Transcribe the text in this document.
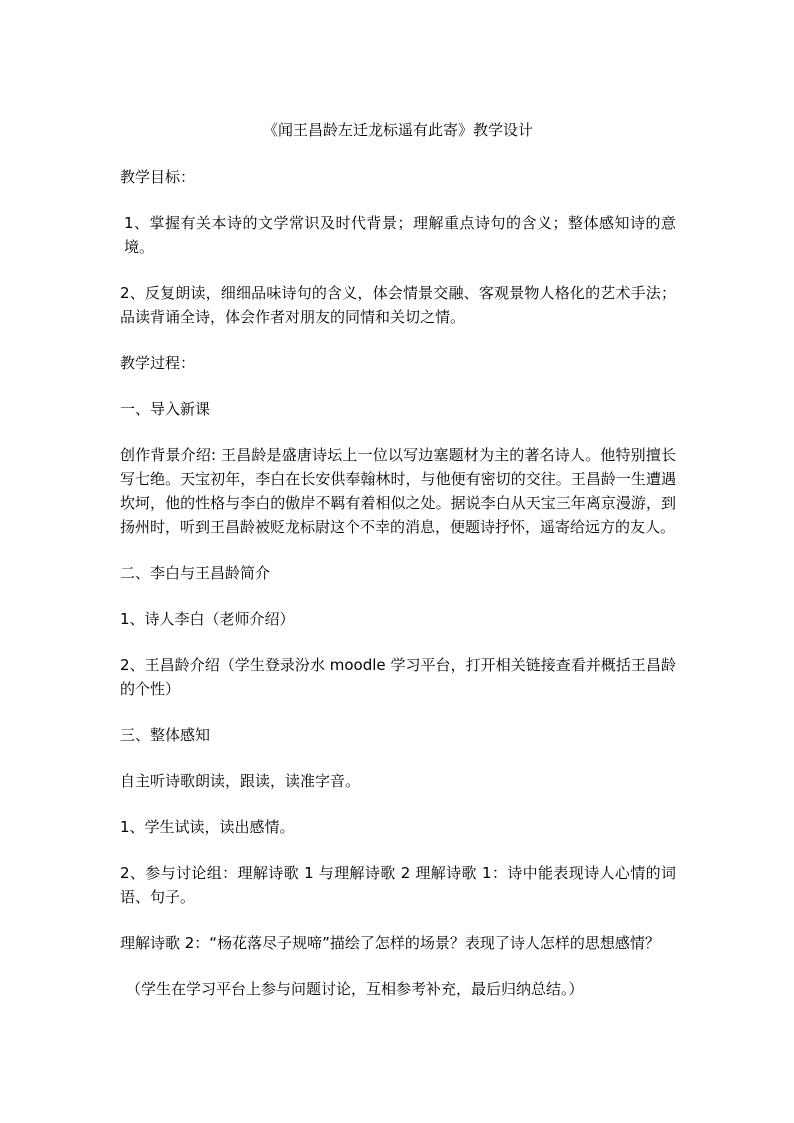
《闻王昌龄左迁龙标遥有此寄》教学设计
教学目标：
1、掌握有关本诗的文学常识及时代背景；理解重点诗句的含义；整体感知诗的意境。
2、反复朗读，细细品味诗句的含义，体会情景交融、客观景物人格化的艺术手法；品读背诵全诗，体会作者对朋友的同情和关切之情。
教学过程：
一、导入新课
创作背景介绍: 王昌龄是盛唐诗坛上一位以写边塞题材为主的著名诗人。他特别擅长写七绝。天宝初年，李白在长安供奉翰林时，与他便有密切的交往。王昌龄一生遭遇坎坷，他的性格与李白的傲岸不羁有着相似之处。据说李白从天宝三年离京漫游，到扬州时，听到王昌龄被贬龙标尉这个不幸的消息，便题诗抒怀，遥寄给远方的友人。
二、李白与王昌龄简介
1、诗人李白（老师介绍）
2、王昌龄介绍（学生登录汾水 moodle 学习平台，打开相关链接查看并概括王昌龄的个性）
三、整体感知
自主听诗歌朗读，跟读，读准字音。
1、学生试读，读出感情。
2、参与讨论组：理解诗歌 1 与理解诗歌 2 理解诗歌 1：诗中能表现诗人心情的词语、句子。
理解诗歌 2：“杨花落尽子规啼”描绘了怎样的场景？表现了诗人怎样的思想感情？
（学生在学习平台上参与问题讨论，互相参考补充，最后归纳总结。）
